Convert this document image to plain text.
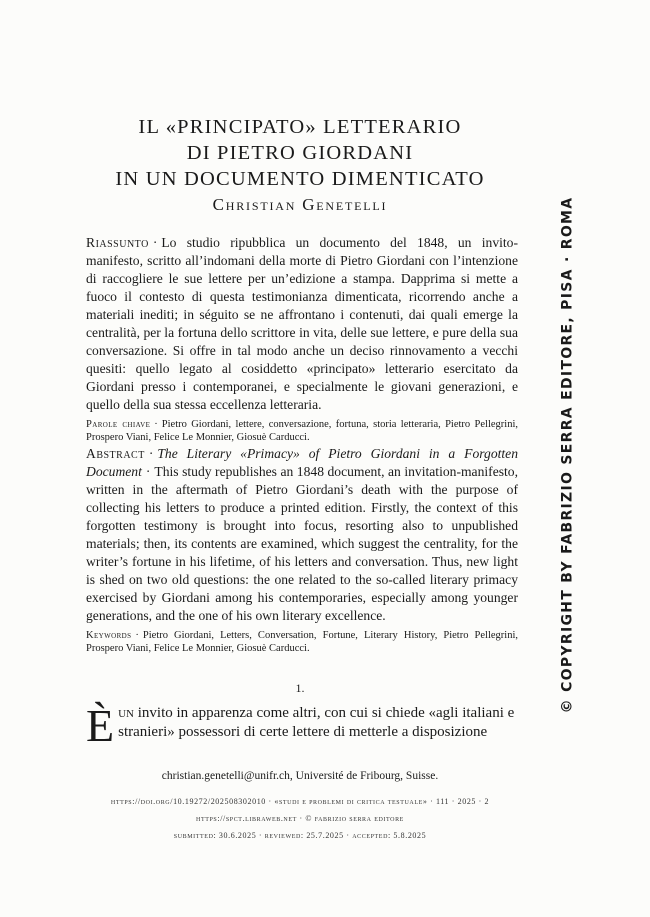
IL «PRINCIPATO» LETTERARIO
DI PIETRO GIORDANI
IN UN DOCUMENTO DIMENTICATO
Christian Genetelli
Riassunto · Lo studio ripubblica un documento del 1848, un invito-manifesto, scritto all’indomani della morte di Pietro Giordani con l’intenzione di raccogliere le sue lettere per un’edizione a stampa. Dapprima si mette a fuoco il contesto di questa testimonianza dimenticata, ricorrendo anche a materiali inediti; in séguito se ne affrontano i contenuti, dai quali emerge la centralità, per la fortuna dello scrittore in vita, delle sue lettere, e pure della sua conversazione. Si offre in tal modo anche un deciso rinnovamento a vecchi quesiti: quello legato al cosiddetto «principato» letterario esercitato da Giordani presso i contemporanei, e specialmente le giovani generazioni, e quello della sua stessa eccellenza letteraria.
Parole chiave · Pietro Giordani, lettere, conversazione, fortuna, storia letteraria, Pietro Pellegrini, Prospero Viani, Felice Le Monnier, Giosuè Carducci.
Abstract · The Literary «Primacy» of Pietro Giordani in a Forgotten Document · This study republishes an 1848 document, an invitation-manifesto, written in the aftermath of Pietro Giordani’s death with the purpose of collecting his letters to produce a printed edition. Firstly, the context of this forgotten testimony is brought into focus, resorting also to unpublished materials; then, its contents are examined, which suggest the centrality, for the writer’s fortune in his lifetime, of his letters and conversation. Thus, new light is shed on two old questions: the one related to the so-called literary primacy exercised by Giordani among his contemporaries, especially among younger generations, and the one of his own literary excellence.
Keywords · Pietro Giordani, Letters, Conversation, Fortune, Literary History, Pietro Pellegrini, Prospero Viani, Felice Le Monnier, Giosuè Carducci.
1.
Èun invito in apparenza come altri, con cui si chiede «agli italiani e stranieri» possessori di certe lettere di metterle a disposizione
christian.genetelli@unifr.ch, Université de Fribourg, Suisse.
https://doi.org/10.19272/202508302010 · «studi e problemi di critica testuale» · 111 · 2025 · 2
https://spct.libraweb.net · © fabrizio serra editore
submitted: 30.6.2025 · reviewed: 25.7.2025 · accepted: 5.8.2025
© COPYRIGHT BY FABRIZIO SERRA EDITORE, PISA · ROMA
